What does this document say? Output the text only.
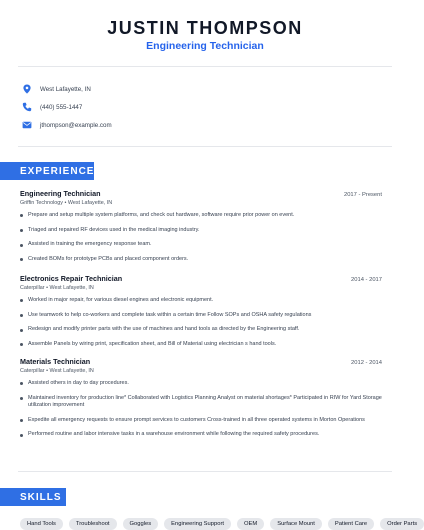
JUSTIN THOMPSON
Engineering Technician
West Lafayette, IN
(440) 555-1447
jthompson@example.com
EXPERIENCE
Engineering Technician	2017 - Present
Griffin Technology • West Lafayette, IN
Prepare and setup multiple system platforms, and check out hardware, software require prior power on event.
Triaged and repaired RF devices used in the medical imaging industry.
Assisted in training the emergency response team.
Created BOMs for prototype PCBs and placed component orders.
Electronics Repair Technician	2014 - 2017
Caterpillar • West Lafayette, IN
Worked in major repair, for various diesel engines and electronic equipment.
Use teamwork to help co-workers and complete task within a certain time Follow SOPs and OSHA safety regulations
Redesign and modify printer parts with the use of machines and hand tools as directed by the Engineering staff.
Assemble Panels by wiring print, specification sheet, and Bill of Material using electrician s hand tools.
Materials Technician	2012 - 2014
Caterpillar • West Lafayette, IN
Assisted others in day to day procedures.
Maintained inventory for production line* Collaborated with Logistics Planning Analyst on material shortages* Participated in RIW for Yard Storage utilization improvement
Expedite all emergency requests to ensure prompt services to customers Cross-trained in all three operated systems in Morton Operations
Performed routine and labor intensive tasks in a warehouse environment while following the required safety procedures.
SKILLS
Hand Tools	Troubleshoot	Goggles	Engineering Support	OEM	Surface Mount	Patient Care	Order Parts
